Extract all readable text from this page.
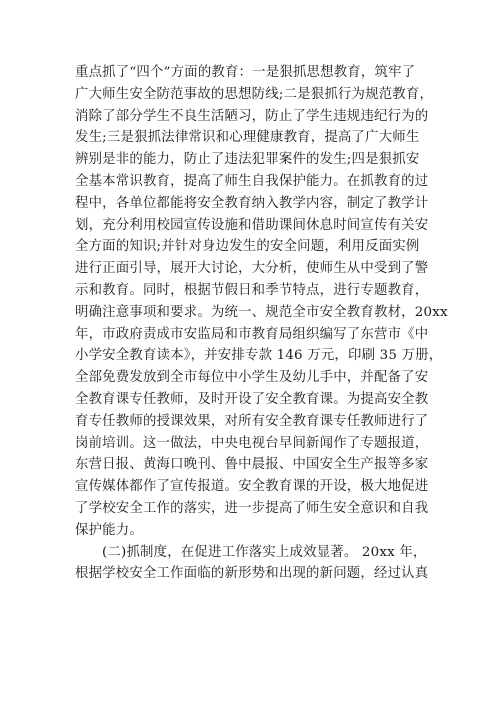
重点抓了“四个”方面的教育：一是狠抓思想教育，筑牢了
广大师生安全防范事故的思想防线;二是狠抓行为规范教育，
消除了部分学生不良生活陋习，防止了学生违规违纪行为的
发生;三是狠抓法律常识和心理健康教育，提高了广大师生
辨别是非的能力，防止了违法犯罪案件的发生;四是狠抓安
全基本常识教育，提高了师生自我保护能力。在抓教育的过
程中，各单位都能将安全教育纳入教学内容，制定了教学计
划，充分利用校园宣传设施和借助课间休息时间宣传有关安
全方面的知识;并针对身边发生的安全问题，利用反面实例
进行正面引导，展开大讨论，大分析，使师生从中受到了警
示和教育。同时，根据节假日和季节特点，进行专题教育，
明确注意事项和要求。为统一、规范全市安全教育教材，20xx
年，市政府责成市安监局和市教育局组织编写了东营市《中
小学安全教育读本》，并安排专款 146 万元，印刷 35 万册，
全部免费发放到全市每位中小学生及幼儿手中，并配备了安
全教育课专任教师，及时开设了安全教育课。为提高安全教
育专任教师的授课效果，对所有安全教育课专任教师进行了
岗前培训。这一做法，中央电视台早间新闻作了专题报道，
东营日报、黄海口晚刊、鲁中晨报、中国安全生产报等多家
宣传媒体都作了宣传报道。安全教育课的开设，极大地促进
了学校安全工作的落实，进一步提高了师生安全意识和自我
保护能力。
(二)抓制度，在促进工作落实上成效显著。 20xx 年，
根据学校安全工作面临的新形势和出现的新问题，经过认真
